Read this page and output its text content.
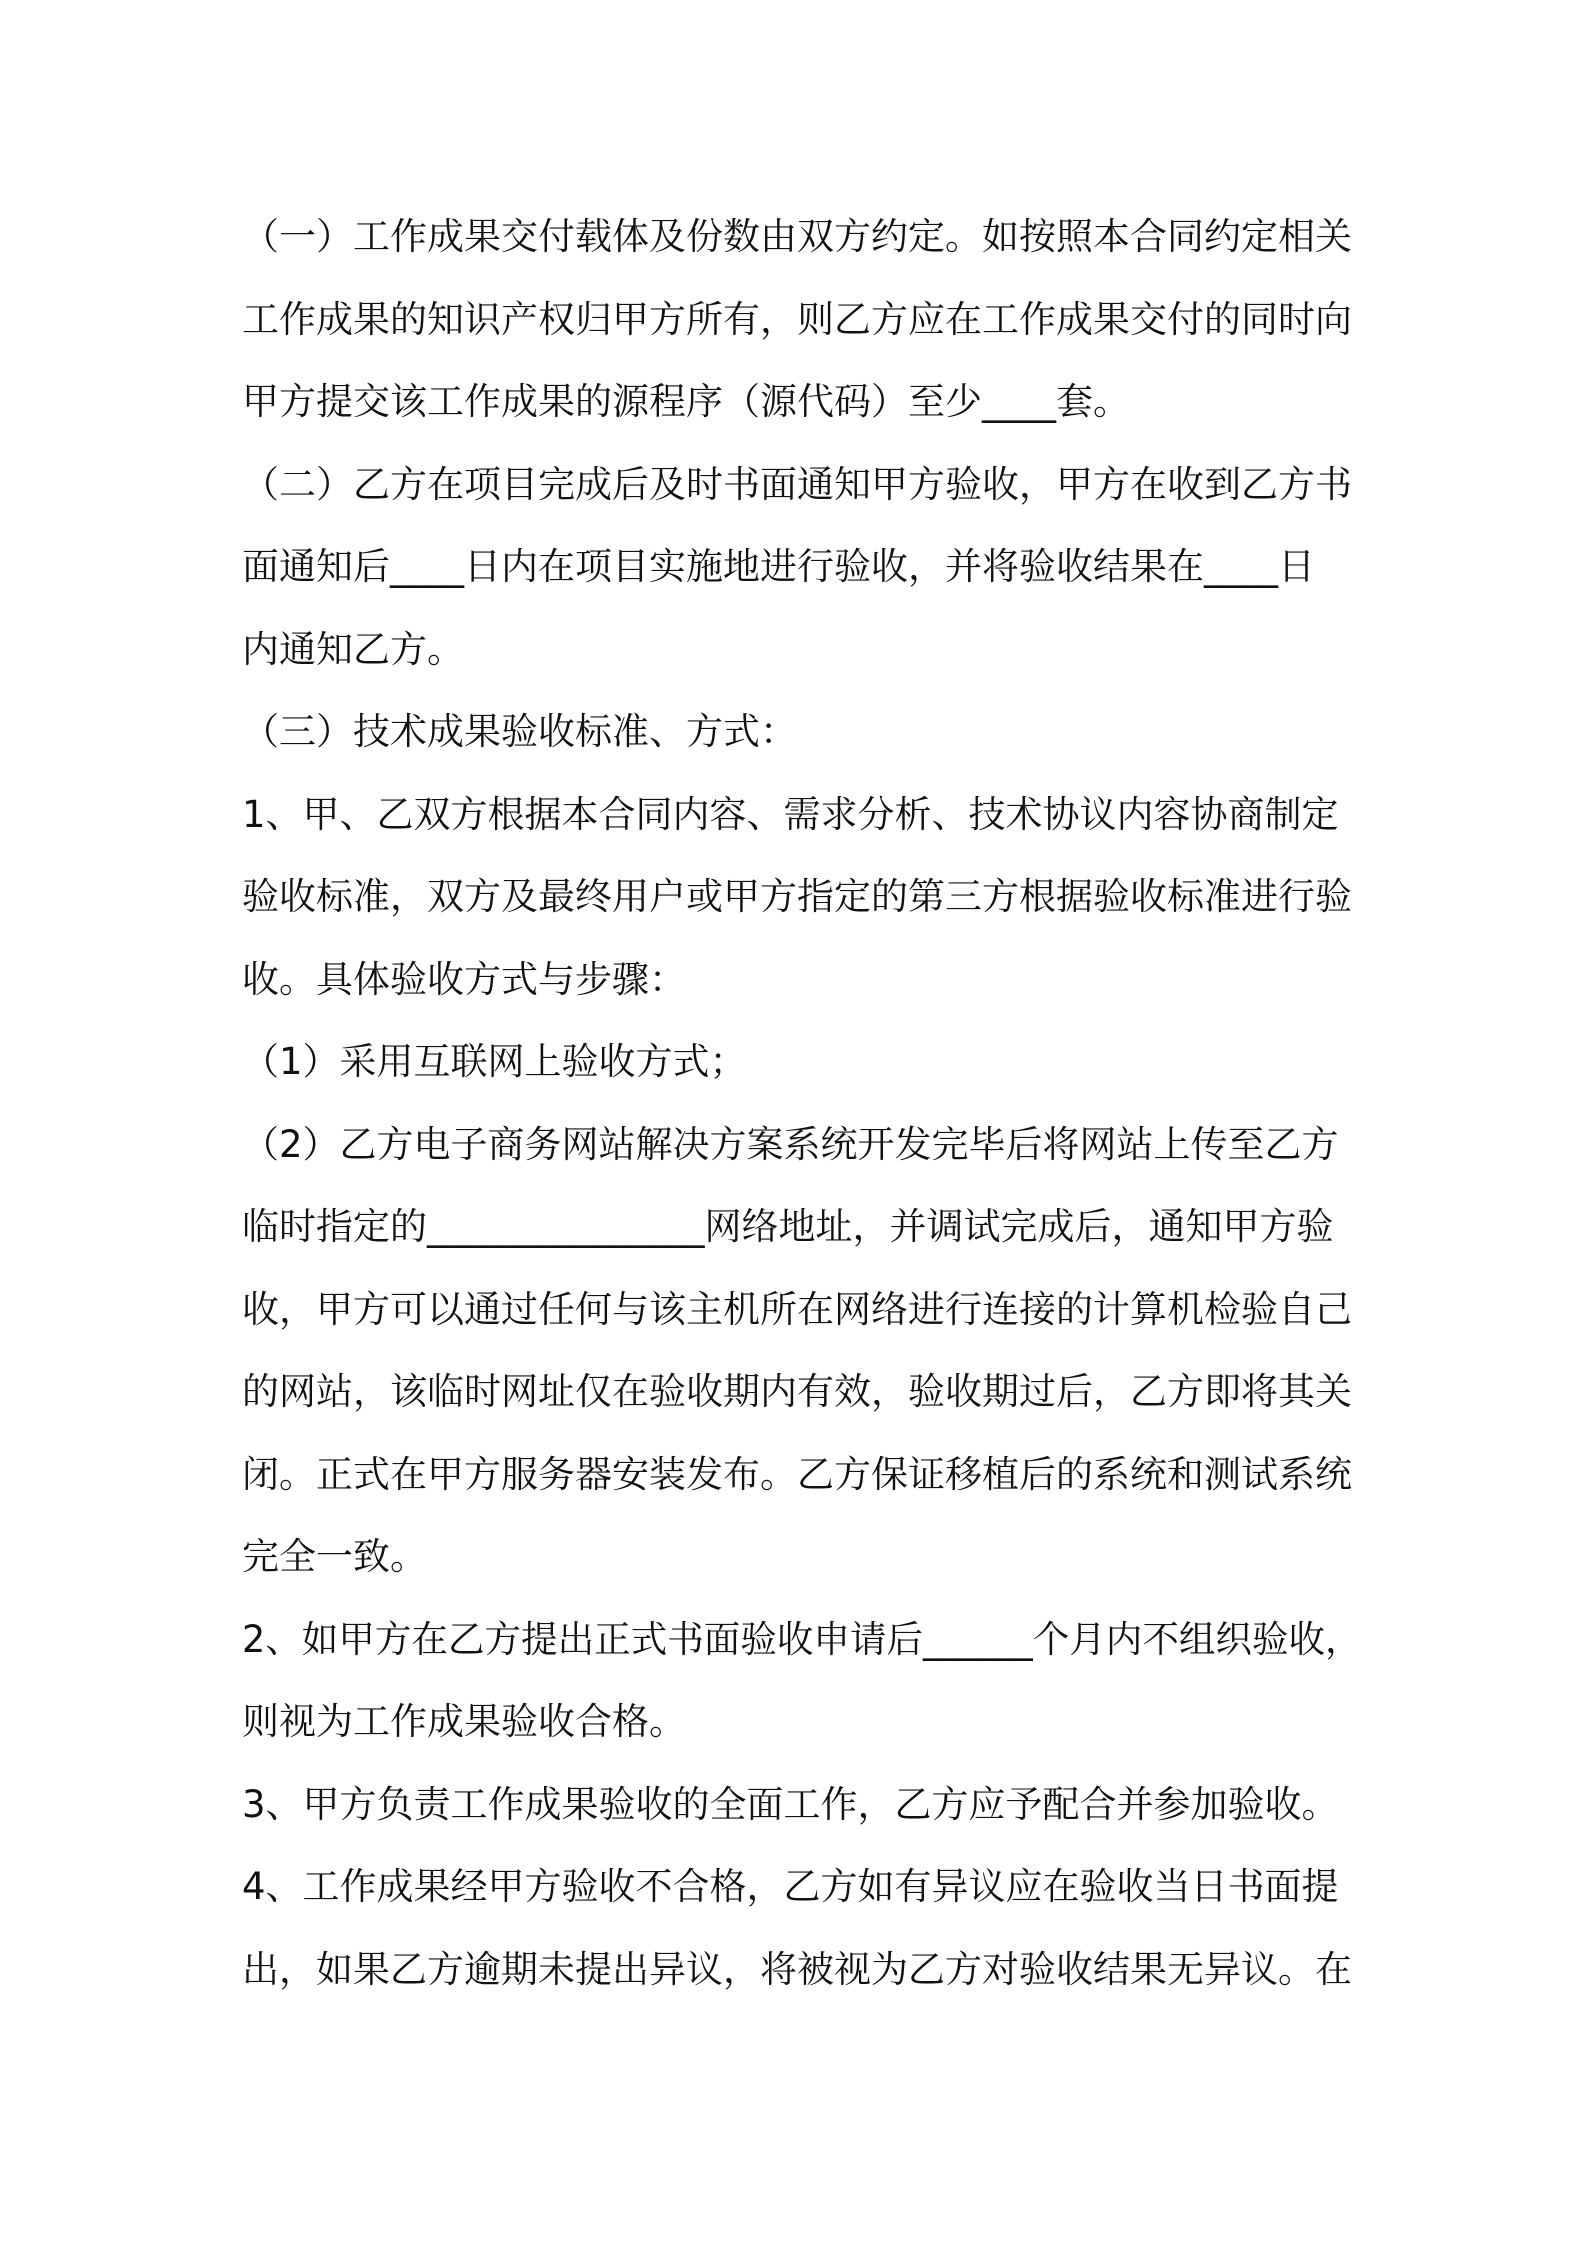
（一）工作成果交付载体及份数由双方约定。如按照本合同约定相关
工作成果的知识产权归甲方所有，则乙方应在工作成果交付的同时向
甲方提交该工作成果的源程序（源代码）至少____套。
（二）乙方在项目完成后及时书面通知甲方验收，甲方在收到乙方书
面通知后____日内在项目实施地进行验收，并将验收结果在____日
内通知乙方。
（三）技术成果验收标准、方式：
1、甲、乙双方根据本合同内容、需求分析、技术协议内容协商制定
验收标准，双方及最终用户或甲方指定的第三方根据验收标准进行验
收。具体验收方式与步骤：
（1）采用互联网上验收方式；
（2）乙方电子商务网站解决方案系统开发完毕后将网站上传至乙方
临时指定的_______________网络地址，并调试完成后，通知甲方验
收，甲方可以通过任何与该主机所在网络进行连接的计算机检验自己
的网站，该临时网址仅在验收期内有效，验收期过后，乙方即将其关
闭。正式在甲方服务器安装发布。乙方保证移植后的系统和测试系统
完全一致。
2、如甲方在乙方提出正式书面验收申请后______个月内不组织验收，
则视为工作成果验收合格。
3、甲方负责工作成果验收的全面工作，乙方应予配合并参加验收。
4、工作成果经甲方验收不合格，乙方如有异议应在验收当日书面提
出，如果乙方逾期未提出异议，将被视为乙方对验收结果无异议。在
